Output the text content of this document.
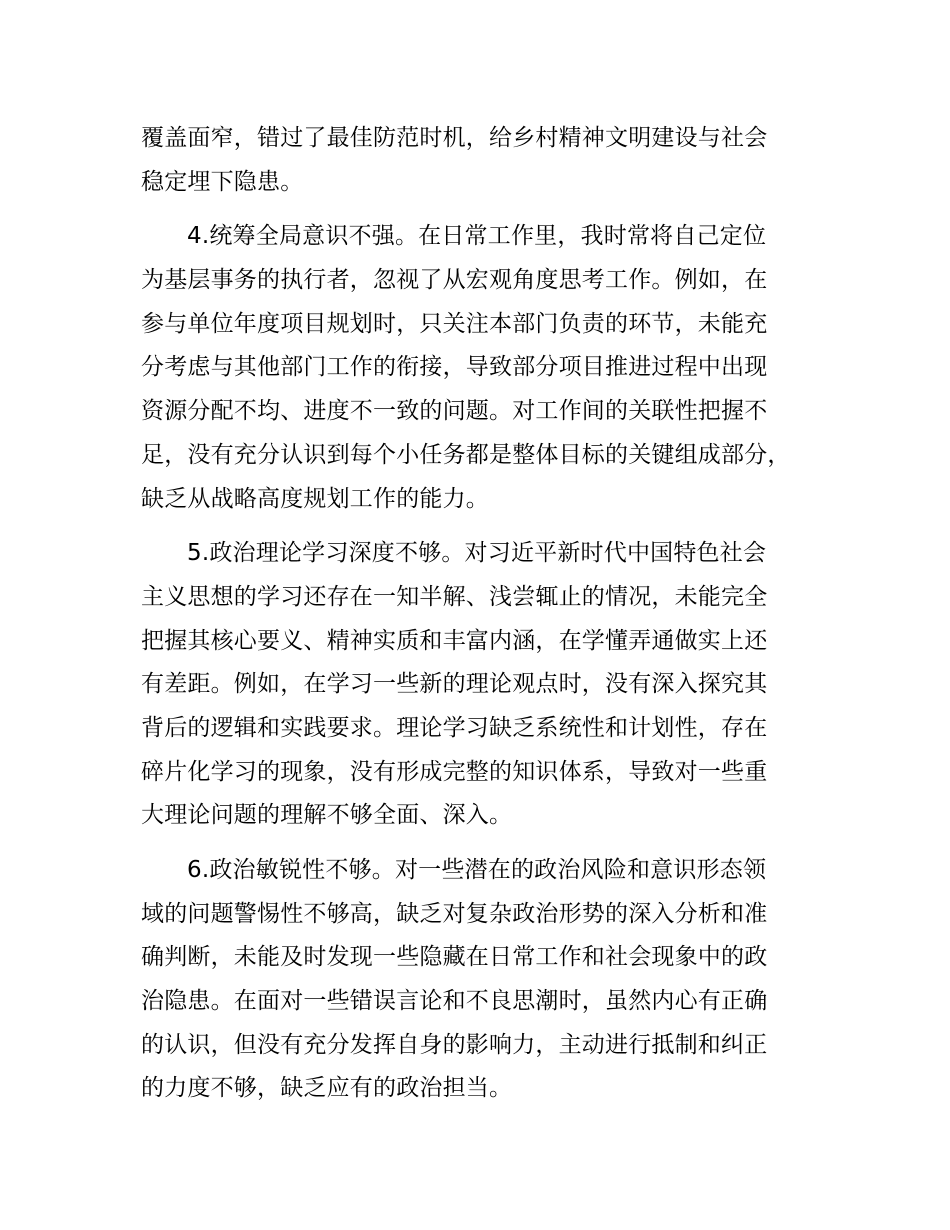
覆盖面窄，错过了最佳防范时机，给乡村精神文明建设与社会
稳定埋下隐患。
4.统筹全局意识不强。在日常工作里，我时常将自己定位
为基层事务的执行者，忽视了从宏观角度思考工作。例如，在
参与单位年度项目规划时，只关注本部门负责的环节，未能充
分考虑与其他部门工作的衔接，导致部分项目推进过程中出现
资源分配不均、进度不一致的问题。对工作间的关联性把握不
足，没有充分认识到每个小任务都是整体目标的关键组成部分，
缺乏从战略高度规划工作的能力。
5.政治理论学习深度不够。对习近平新时代中国特色社会
主义思想的学习还存在一知半解、浅尝辄止的情况，未能完全
把握其核心要义、精神实质和丰富内涵，在学懂弄通做实上还
有差距。例如，在学习一些新的理论观点时，没有深入探究其
背后的逻辑和实践要求。理论学习缺乏系统性和计划性，存在
碎片化学习的现象，没有形成完整的知识体系，导致对一些重
大理论问题的理解不够全面、深入。
6.政治敏锐性不够。对一些潜在的政治风险和意识形态领
域的问题警惕性不够高，缺乏对复杂政治形势的深入分析和准
确判断，未能及时发现一些隐藏在日常工作和社会现象中的政
治隐患。在面对一些错误言论和不良思潮时，虽然内心有正确
的认识，但没有充分发挥自身的影响力，主动进行抵制和纠正
的力度不够，缺乏应有的政治担当。
